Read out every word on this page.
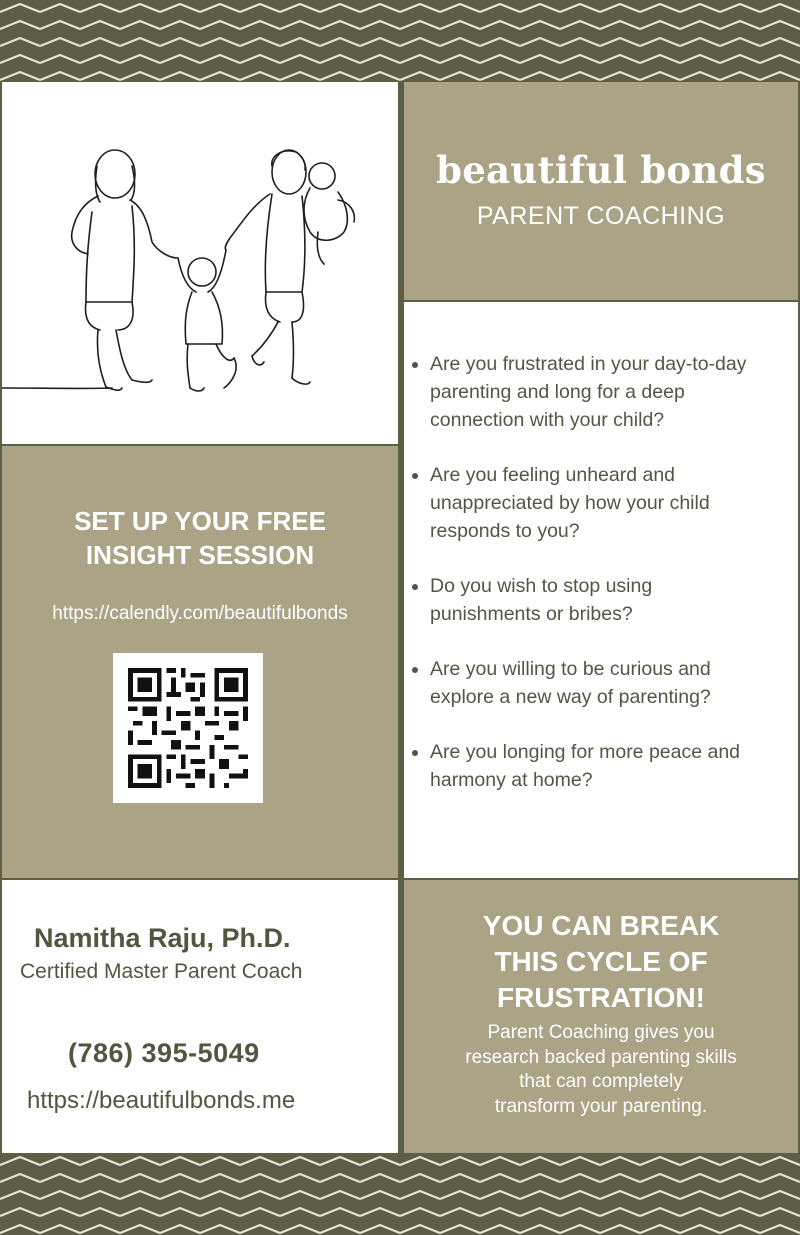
beautiful bonds
PARENT COACHING
Are you frustrated in your day-to-day parenting and long for a deep connection with your child?
Are you feeling unheard and unappreciated by how your child responds to you?
Do you wish to stop using punishments or bribes?
Are you willing to be curious and explore a new way of parenting?
Are you longing for more peace and harmony at home?
SET UP YOUR FREE
INSIGHT SESSION
https://calendly.com/beautifulbonds
Namitha Raju, Ph.D.
Certified Master Parent Coach
(786) 395-5049
https://beautifulbonds.me
YOU CAN BREAK
THIS CYCLE OF
FRUSTRATION!
Parent Coaching gives you
research backed parenting skills
that can completely
transform your parenting.
